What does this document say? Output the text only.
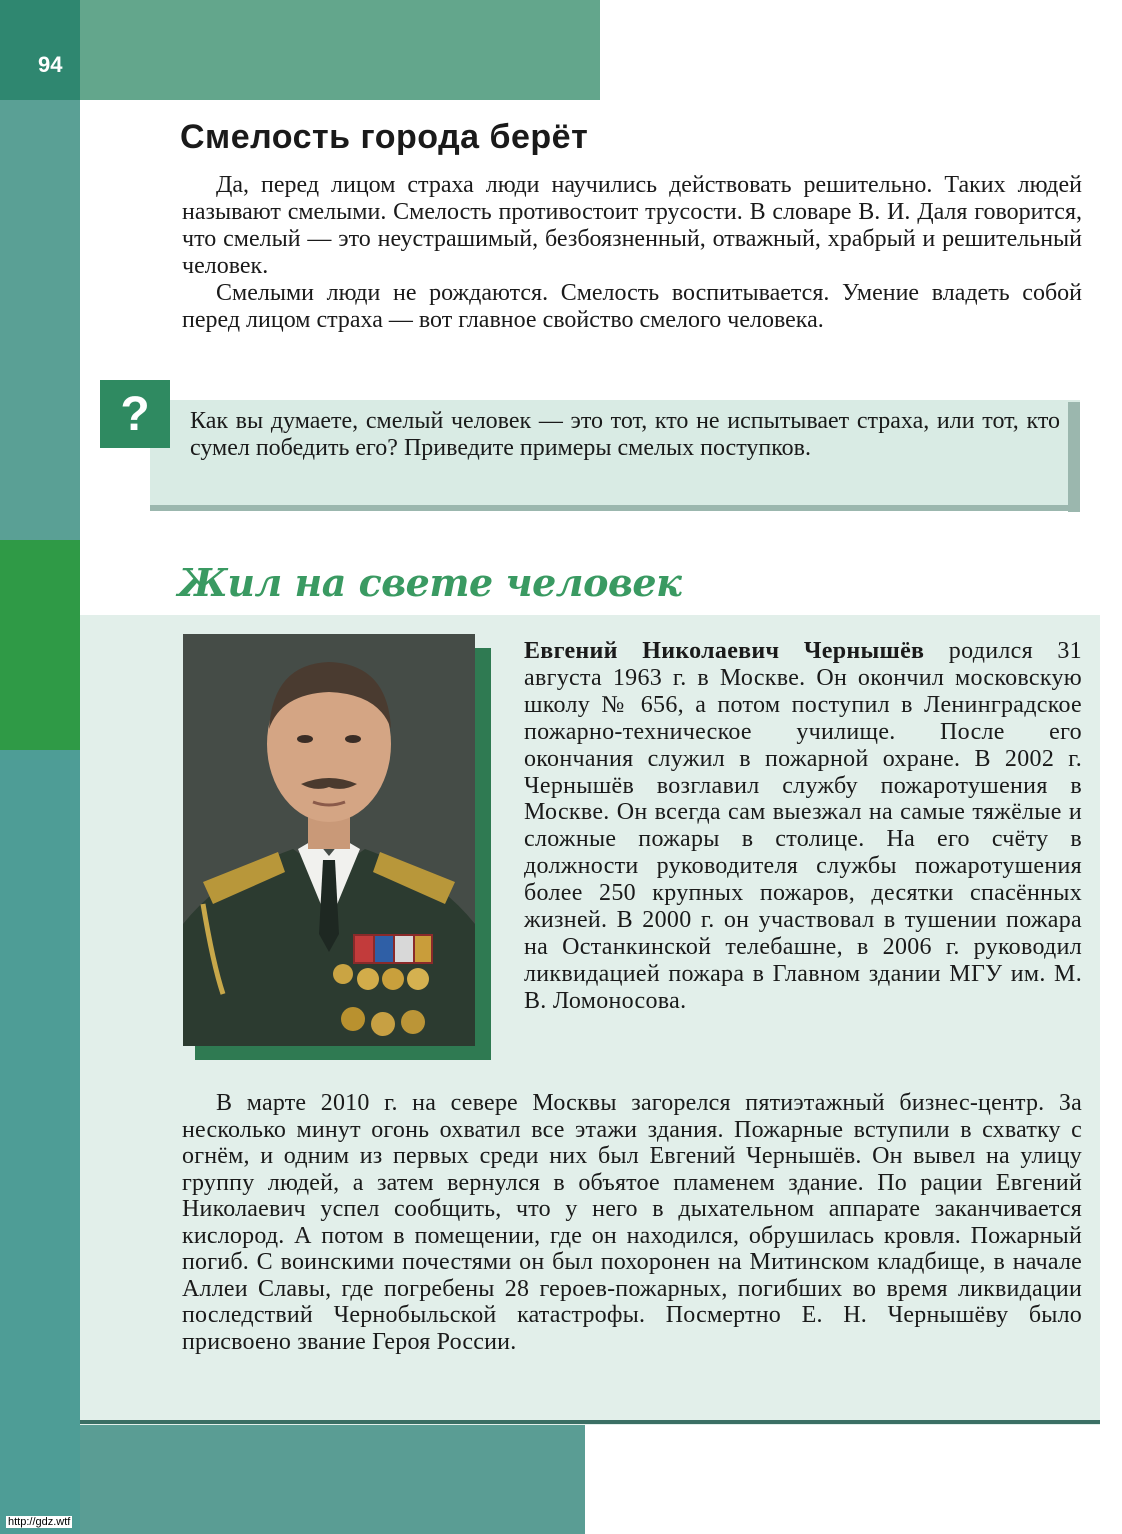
94
Смелость города берёт

Да, перед лицом страха люди научились действовать решительно. Таких людей называют смелыми. Смелость противостоит трусости. В словаре В. И. Даля говорится, что смелый — это неустрашимый, безбоязненный, отважный, храбрый и решительный человек.

Смелыми люди не рождаются. Смелость воспитывается. Умение владеть собой перед лицом страха — вот главное свойство смелого человека.

?	Как вы думаете, смелый человек — это тот, кто не испытывает страха, или тот, кто сумел победить его? Приведите примеры смелых поступков.

Жил на свете человек

Евгений Николаевич Чернышёв родился 31 августа 1963 г. в Москве. Он окончил московскую школу № 656, а потом поступил в Ленинградское пожарно-техническое училище. После его окончания служил в пожарной охране. В 2002 г. Чернышёв возглавил службу пожаротушения в Москве. Он всегда сам выезжал на самые тяжёлые и сложные пожары в столице. На его счёту в должности руководителя службы пожаротушения более 250 крупных пожаров, десятки спасённых жизней. В 2000 г. он участвовал в тушении пожара на Останкинской телебашне, в 2006 г. руководил ликвидацией пожара в Главном здании МГУ им. М. В. Ломоносова.

В марте 2010 г. на севере Москвы загорелся пятиэтажный бизнес-центр. За несколько минут огонь охватил все этажи здания. Пожарные вступили в схватку с огнём, и одним из первых среди них был Евгений Чернышёв. Он вывел на улицу группу людей, а затем вернулся в объятое пламенем здание. По рации Евгений Николаевич успел сообщить, что у него в дыхательном аппарате заканчивается кислород. А потом в помещении, где он находился, обрушилась кровля. Пожарный погиб. С воинскими почестями он был похоронен на Митинском кладбище, в начале Аллеи Славы, где погребены 28 героев-пожарных, погибших во время ликвидации последствий Чернобыльской катастрофы. Посмертно Е. Н. Чернышёву было присвоено звание Героя России.

http://gdz.wtf
